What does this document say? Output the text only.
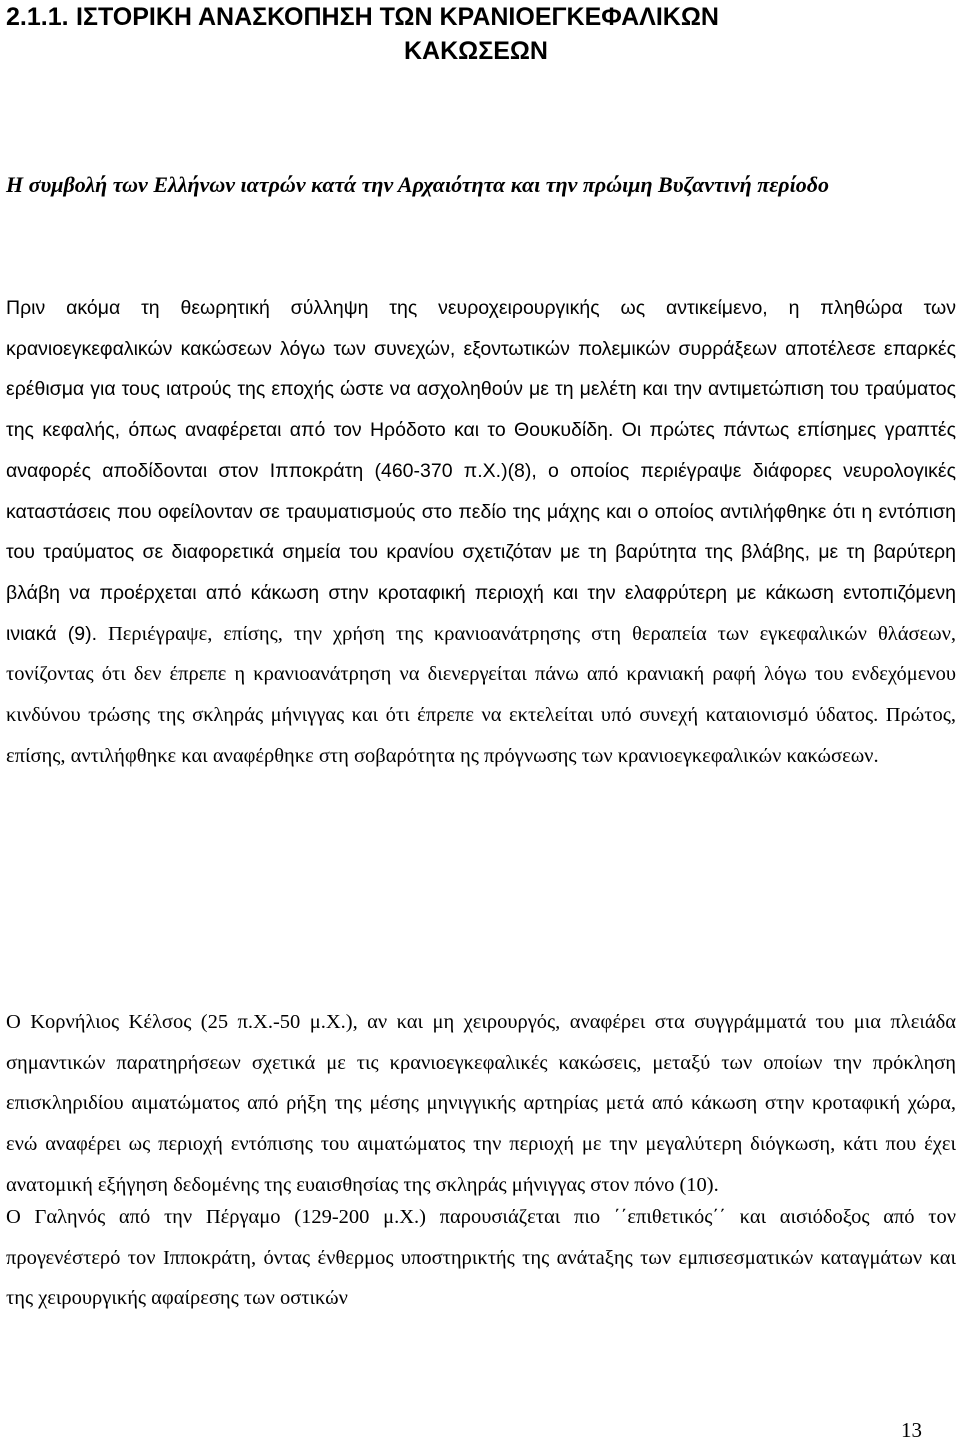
2.1.1. ΙΣΤΟΡΙΚΗ ΑΝΑΣΚΟΠΗΣΗ ΤΩΝ ΚΡΑΝΙΟΕΓΚΕΦΑΛΙΚΩΝ
ΚΑΚΩΣΕΩΝ
Η συμβολή των Ελλήνων ιατρών κατά την Αρχαιότητα και την πρώιμη Βυζαντινή περίοδο

Πριν ακόμα τη θεωρητική σύλληψη της νευροχειρουργικής ως αντικείμενο, η πληθώρα των κρανιοεγκεφαλικών κακώσεων λόγω των συνεχών, εξοντωτικών πολεμικών συρράξεων αποτέλεσε επαρκές ερέθισμα για τους ιατρούς της εποχής ώστε να ασχοληθούν με τη μελέτη και την αντιμετώπιση του τραύματος της κεφαλής, όπως αναφέρεται από τον Ηρόδοτο και το Θουκυδίδη. Οι πρώτες πάντως επίσημες γραπτές αναφορές αποδίδονται στον Ιπποκράτη (460-370 π.Χ.)(8), ο οποίος περιέγραψε διάφορες νευρολογικές καταστάσεις που οφείλονταν σε τραυματισμούς στο πεδίο της μάχης και ο οποίος αντιλήφθηκε ότι η εντόπιση του τραύματος σε διαφορετικά σημεία του κρανίου σχετιζόταν με τη βαρύτητα της βλάβης, με τη βαρύτερη βλάβη να προέρχεται από κάκωση στην κροταφική περιοχή και την ελαφρύτερη με κάκωση εντοπιζόμενη ινιακά (9). Περιέγραψε, επίσης, την χρήση της κρανιοανάτρησης στη θεραπεία των εγκεφαλικών θλάσεων, τονίζοντας ότι δεν έπρεπε η κρανιοανάτρηση να διενεργείται πάνω από κρανιακή ραφή λόγω του ενδεχόμενου κινδύνου τρώσης της σκληράς μήνιγγας και ότι έπρεπε να εκτελείται υπό συνεχή καταιονισμό ύδατος. Πρώτος, επίσης, αντιλήφθηκε και αναφέρθηκε στη σοβαρότητα ης πρόγνωσης των κρανιοεγκεφαλικών κακώσεων.

Ο Κορνήλιος Κέλσος (25 π.Χ.-50 μ.Χ.), αν και μη χειρουργός, αναφέρει στα συγγράμματά του μια πλειάδα σημαντικών παρατηρήσεων σχετικά με τις κρανιοεγκεφαλικές κακώσεις, μεταξύ των οποίων την πρόκληση επισκληριδίου αιματώματος από ρήξη της μέσης μηνιγγικής αρτηρίας μετά από κάκωση στην κροταφική χώρα, ενώ αναφέρει ως περιοχή εντόπισης του αιματώματος την περιοχή με την μεγαλύτερη διόγκωση, κάτι που έχει ανατομική εξήγηση δεδομένης της ευαισθησίας της σκληράς μήνιγγας στον πόνο (10).

Ο Γαληνός από την Πέργαμο (129-200 μ.Χ.) παρουσιάζεται πιο ΄΄επιθετικός΄΄ και αισιόδοξος από τον προγενέστερό τον Ιπποκράτη, όντας ένθερμος υποστηρικτής της ανάτaξης των εμπισεσματικών καταγμάτων και της χειρουργικής αφαίρεσης των οστικών

13
